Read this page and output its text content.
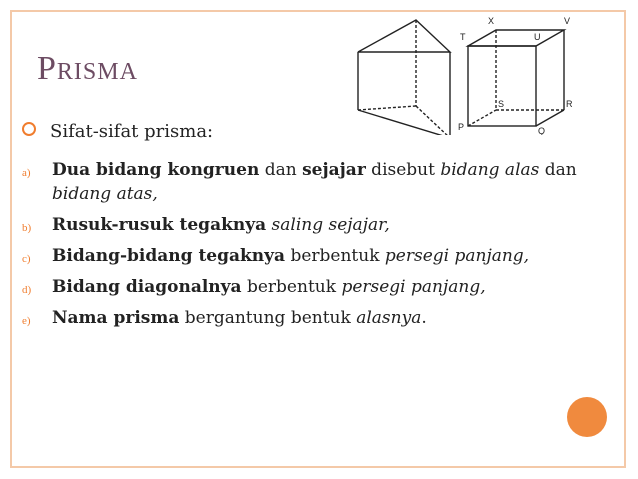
Prisma
X	V
T	U
S	R
P	Q
Sifat-sifat prisma:
a) Dua bidang kongruen dan sejajar disebut bidang alas dan bidang atas,
b) Rusuk-rusuk tegaknya saling sejajar,
c) Bidang-bidang tegaknya berbentuk persegi panjang,
d) Bidang diagonalnya berbentuk persegi panjang,
e) Nama prisma bergantung bentuk alasnya.
